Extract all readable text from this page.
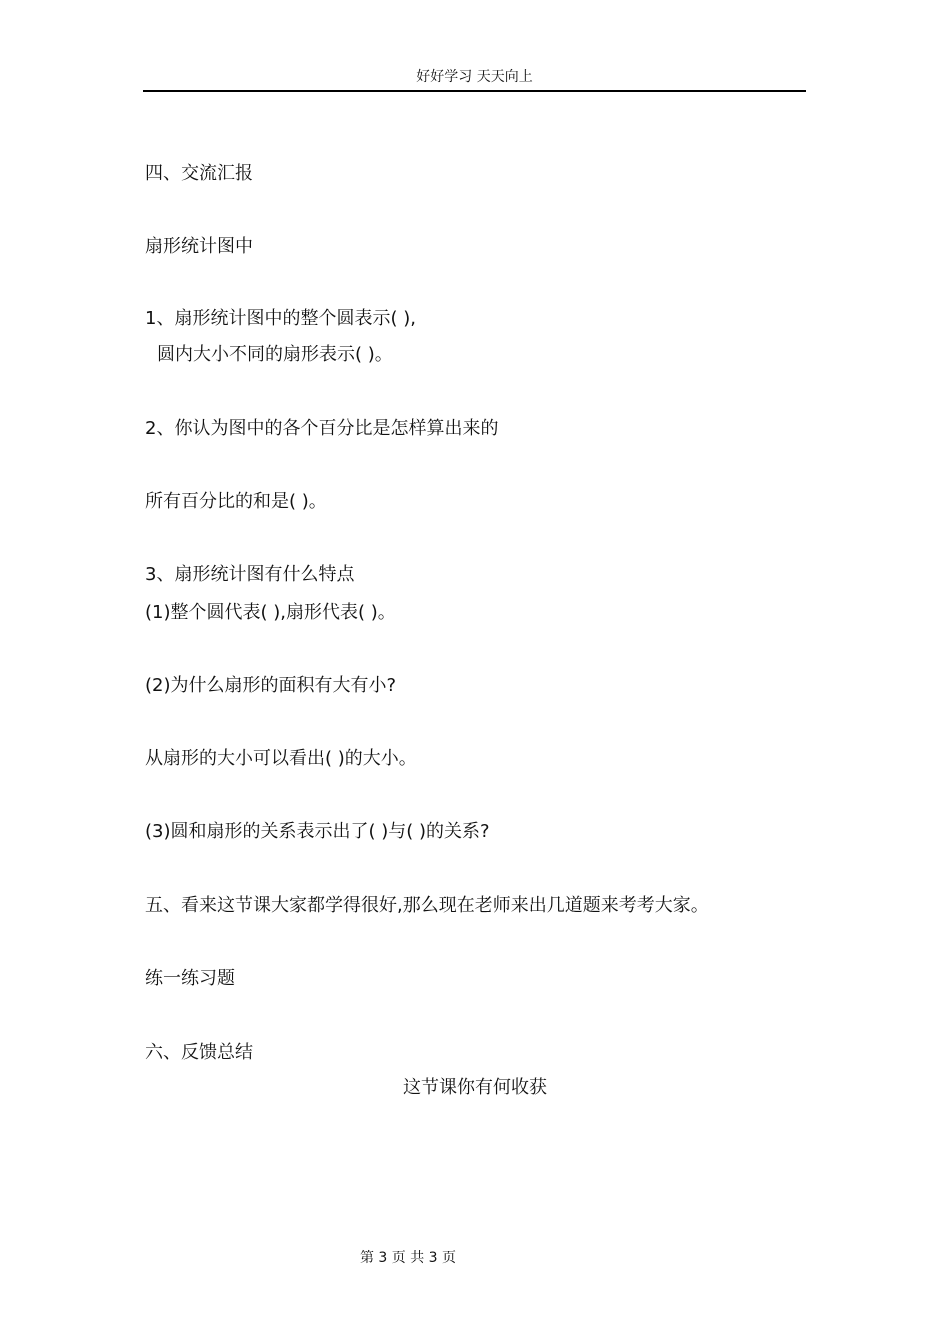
好好学习 天天向上
四、交流汇报
扇形统计图中
1、扇形统计图中的整个圆表示( ),
圆内大小不同的扇形表示( )。
2、你认为图中的各个百分比是怎样算出来的
所有百分比的和是( )。
3、扇形统计图有什么特点
(1)整个圆代表( ),扇形代表( )。
(2)为什么扇形的面积有大有小?
从扇形的大小可以看出( )的大小。
(3)圆和扇形的关系表示出了( )与( )的关系?
五、看来这节课大家都学得很好,那么现在老师来出几道题来考考大家。
练一练习题
六、反馈总结
这节课你有何收获
第 3 页 共 3 页
